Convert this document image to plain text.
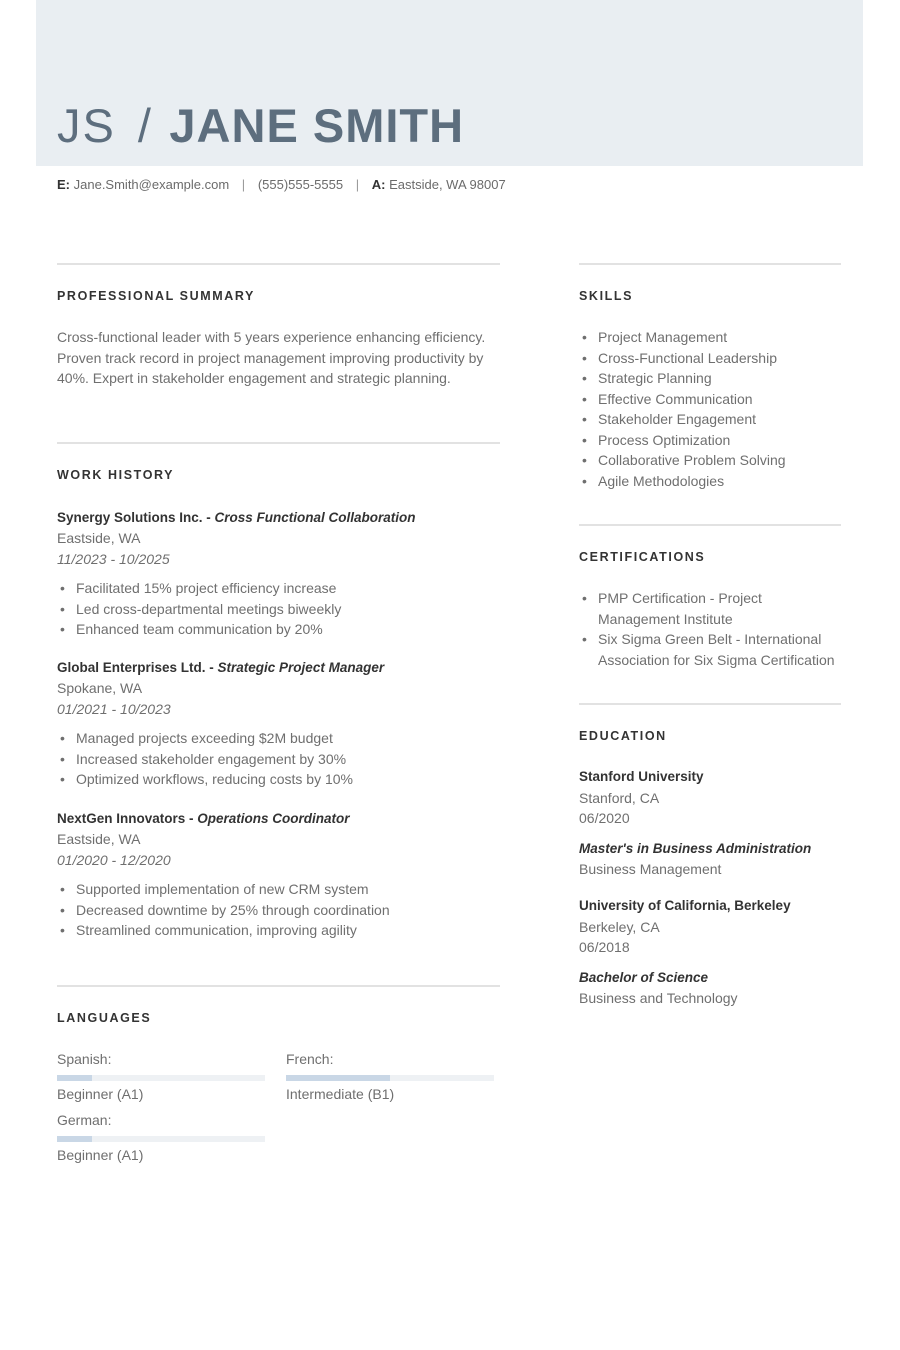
JS / JANE SMITH
E: Jane.Smith@example.com | (555)555-5555 | A: Eastside, WA 98007
PROFESSIONAL SUMMARY
Cross-functional leader with 5 years experience enhancing efficiency. Proven track record in project management improving productivity by 40%. Expert in stakeholder engagement and strategic planning.
WORK HISTORY
Synergy Solutions Inc. - Cross Functional Collaboration
Eastside, WA
11/2023 - 10/2025
• Facilitated 15% project efficiency increase
• Led cross-departmental meetings biweekly
• Enhanced team communication by 20%
Global Enterprises Ltd. - Strategic Project Manager
Spokane, WA
01/2021 - 10/2023
• Managed projects exceeding $2M budget
• Increased stakeholder engagement by 30%
• Optimized workflows, reducing costs by 10%
NextGen Innovators - Operations Coordinator
Eastside, WA
01/2020 - 12/2020
• Supported implementation of new CRM system
• Decreased downtime by 25% through coordination
• Streamlined communication, improving agility
LANGUAGES
Spanish:
Beginner (A1)
French:
Intermediate (B1)
German:
Beginner (A1)
SKILLS
• Project Management
• Cross-Functional Leadership
• Strategic Planning
• Effective Communication
• Stakeholder Engagement
• Process Optimization
• Collaborative Problem Solving
• Agile Methodologies
CERTIFICATIONS
• PMP Certification - Project Management Institute
• Six Sigma Green Belt - International Association for Six Sigma Certification
EDUCATION
Stanford University
Stanford, CA
06/2020
Master's in Business Administration
Business Management
University of California, Berkeley
Berkeley, CA
06/2018
Bachelor of Science
Business and Technology
